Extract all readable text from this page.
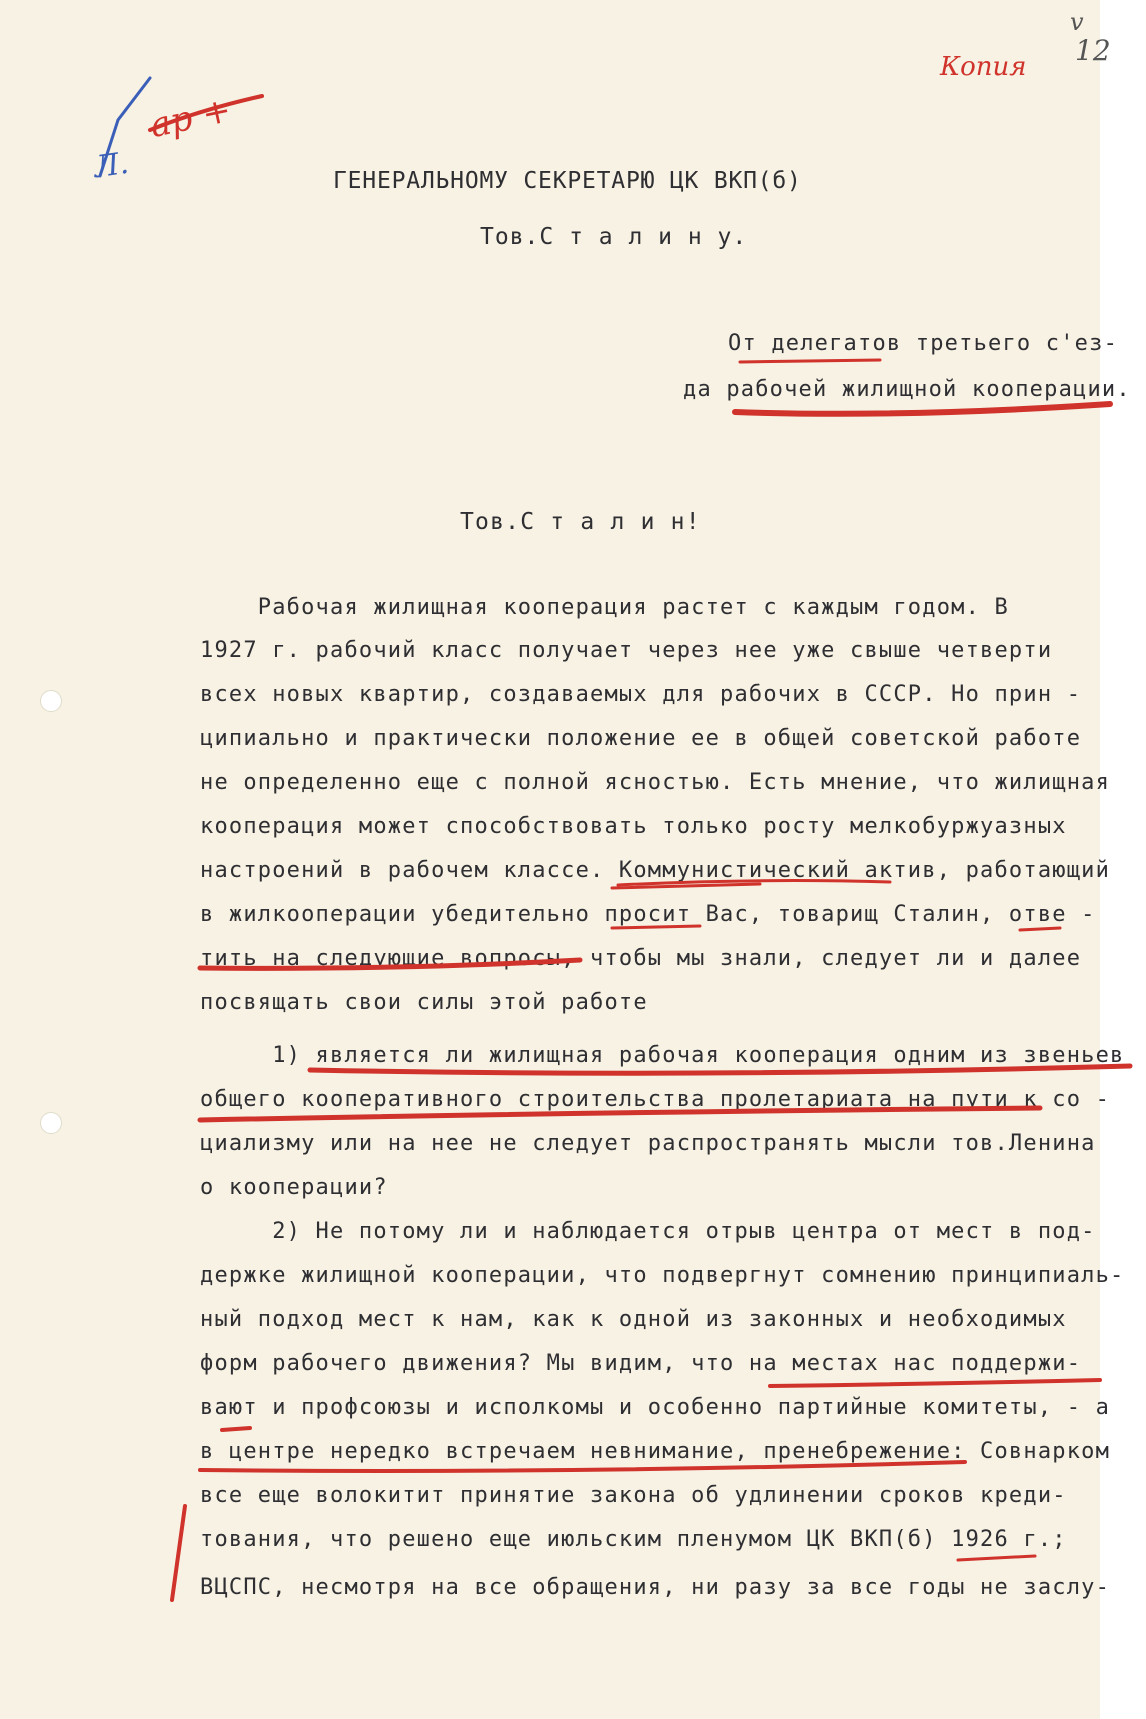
Копия
v
12
ар +
Л.	ГЕНЕРАЛЬНОМУ СЕКРЕТАРЮ ЦК ВКП(б)
Тов.С т а л и н у.
От делегатов третьего с'ез-
да рабочей жилищной кооперации.
Тов.С т а л и н!
Рабочая жилищная кооперация растет с каждым годом. В
1927 г. рабочий класс получает через нее уже свыше четверти
всех новых квартир, создаваемых для рабочих в СССР. Но прин -
ципиально и практически положение ее в общей советской работе
не определенно еще с полной ясностью. Есть мнение, что жилищная
кооперация может способствовать только росту мелкобуржуазных
настроений в рабочем классе. Коммунистический актив, работающий
в жилкооперации убедительно просит Вас, товарищ Сталин, отве -
тить на следующие вопросы, чтобы мы знали, следует ли и далее
посвящать свои силы этой работе
1) является ли жилищная рабочая кооперация одним из звеньев
общего кооперативного строительства пролетариата на пути к со -
циализму или на нее не следует распространять мысли тов.Ленина
о кооперации?
2) Не потому ли и наблюдается отрыв центра от мест в под-
держке жилищной кооперации, что подвергнут сомнению принципиаль-
ный подход мест к нам, как к одной из законных и необходимых
форм рабочего движения? Мы видим, что на местах нас поддержи-
вают и профсоюзы и исполкомы и особенно партийные комитеты, - а
в центре нередко встречаем невнимание, пренебрежение: Совнарком
все еще волокитит принятие закона об удлинении сроков креди-
тования, что решено еще июльским пленумом ЦК ВКП(б) 1926 г.;
ВЦСПС, несмотря на все обращения, ни разу за все годы не заслу-
